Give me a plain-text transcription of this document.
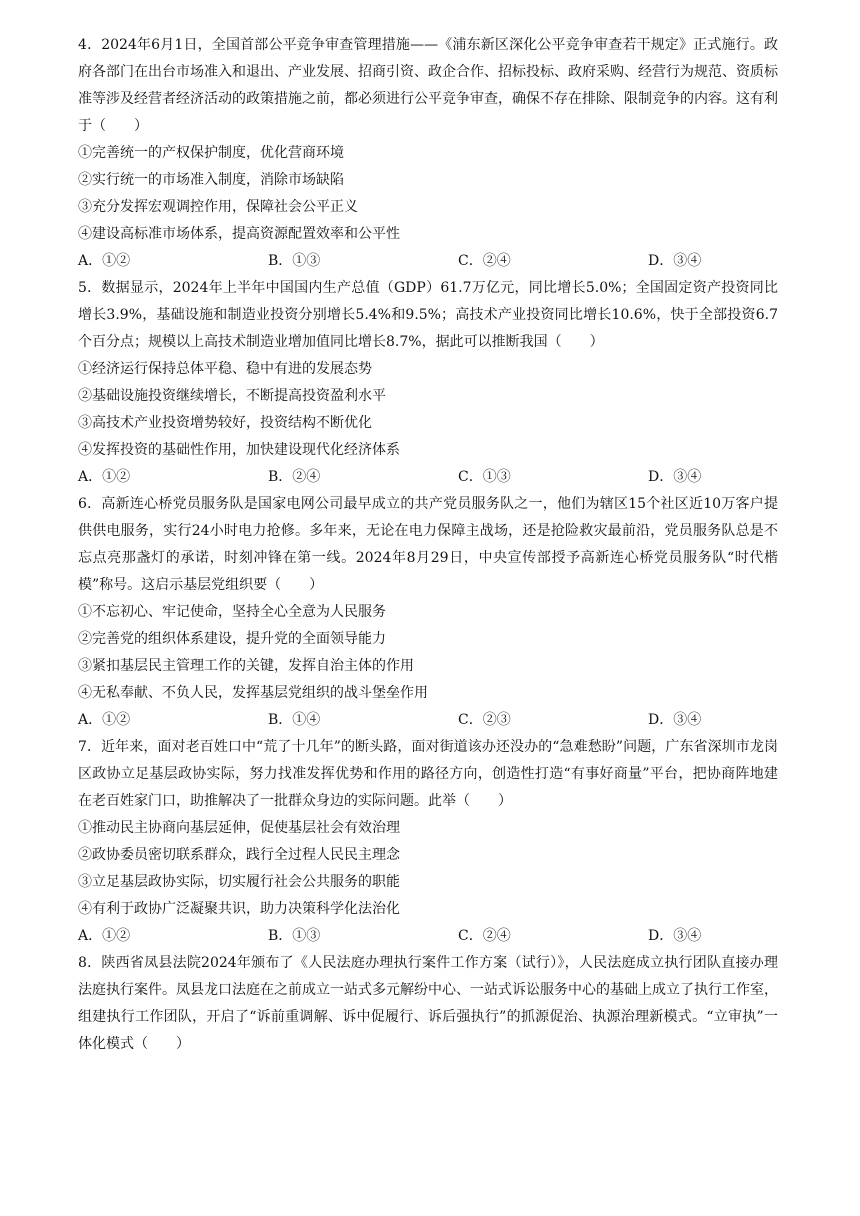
4．2024年6月1日，全国首部公平竞争审查管理措施——《浦东新区深化公平竞争审查若干规定》正式施行。政府各部门在出台市场准入和退出、产业发展、招商引资、政企合作、招标投标、政府采购、经营行为规范、资质标准等涉及经营者经济活动的政策措施之前，都必须进行公平竞争审查，确保不存在排除、限制竞争的内容。这有利于（　　）

①完善统一的产权保护制度，优化营商环境

②实行统一的市场准入制度，消除市场缺陷

③充分发挥宏观调控作用，保障社会公平正义

④建设高标准市场体系，提高资源配置效率和公平性

A．①②	B．①③	C．②④	D．③④

5．数据显示，2024年上半年中国国内生产总值（GDP）61.7万亿元，同比增长5.0%；全国固定资产投资同比增长3.9%，基础设施和制造业投资分别增长5.4%和9.5%；高技术产业投资同比增长10.6%，快于全部投资6.7个百分点；规模以上高技术制造业增加值同比增长8.7%，据此可以推断我国（　　）

①经济运行保持总体平稳、稳中有进的发展态势

②基础设施投资继续增长，不断提高投资盈利水平

③高技术产业投资增势较好，投资结构不断优化

④发挥投资的基础性作用，加快建设现代化经济体系

A．①②	B．②④	C．①③	D．③④

6．高新连心桥党员服务队是国家电网公司最早成立的共产党员服务队之一，他们为辖区15个社区近10万客户提供供电服务，实行24小时电力抢修。多年来，无论在电力保障主战场，还是抢险救灾最前沿，党员服务队总是不忘点亮那盏灯的承诺，时刻冲锋在第一线。2024年8月29日，中央宣传部授予高新连心桥党员服务队“时代楷模”称号。这启示基层党组织要（　　）

①不忘初心、牢记使命，坚持全心全意为人民服务

②完善党的组织体系建设，提升党的全面领导能力

③紧扣基层民主管理工作的关键，发挥自治主体的作用

④无私奉献、不负人民，发挥基层党组织的战斗堡垒作用

A．①②	B．①④	C．②③	D．③④

7．近年来，面对老百姓口中“荒了十几年”的断头路，面对街道该办还没办的“急难愁盼”问题，广东省深圳市龙岗区政协立足基层政协实际，努力找准发挥优势和作用的路径方向，创造性打造“有事好商量”平台，把协商阵地建在老百姓家门口，助推解决了一批群众身边的实际问题。此举（　　）

①推动民主协商向基层延伸，促使基层社会有效治理

②政协委员密切联系群众，践行全过程人民民主理念

③立足基层政协实际，切实履行社会公共服务的职能

④有利于政协广泛凝聚共识，助力决策科学化法治化

A．①②	B．①③	C．②④	D．③④

8．陕西省凤县法院2024年颁布了《人民法庭办理执行案件工作方案（试行）》，人民法庭成立执行团队直接办理法庭执行案件。凤县龙口法庭在之前成立一站式多元解纷中心、一站式诉讼服务中心的基础上成立了执行工作室，组建执行工作团队，开启了“诉前重调解、诉中促履行、诉后强执行”的抓源促治、执源治理新模式。“立审执”一体化模式（　　）
